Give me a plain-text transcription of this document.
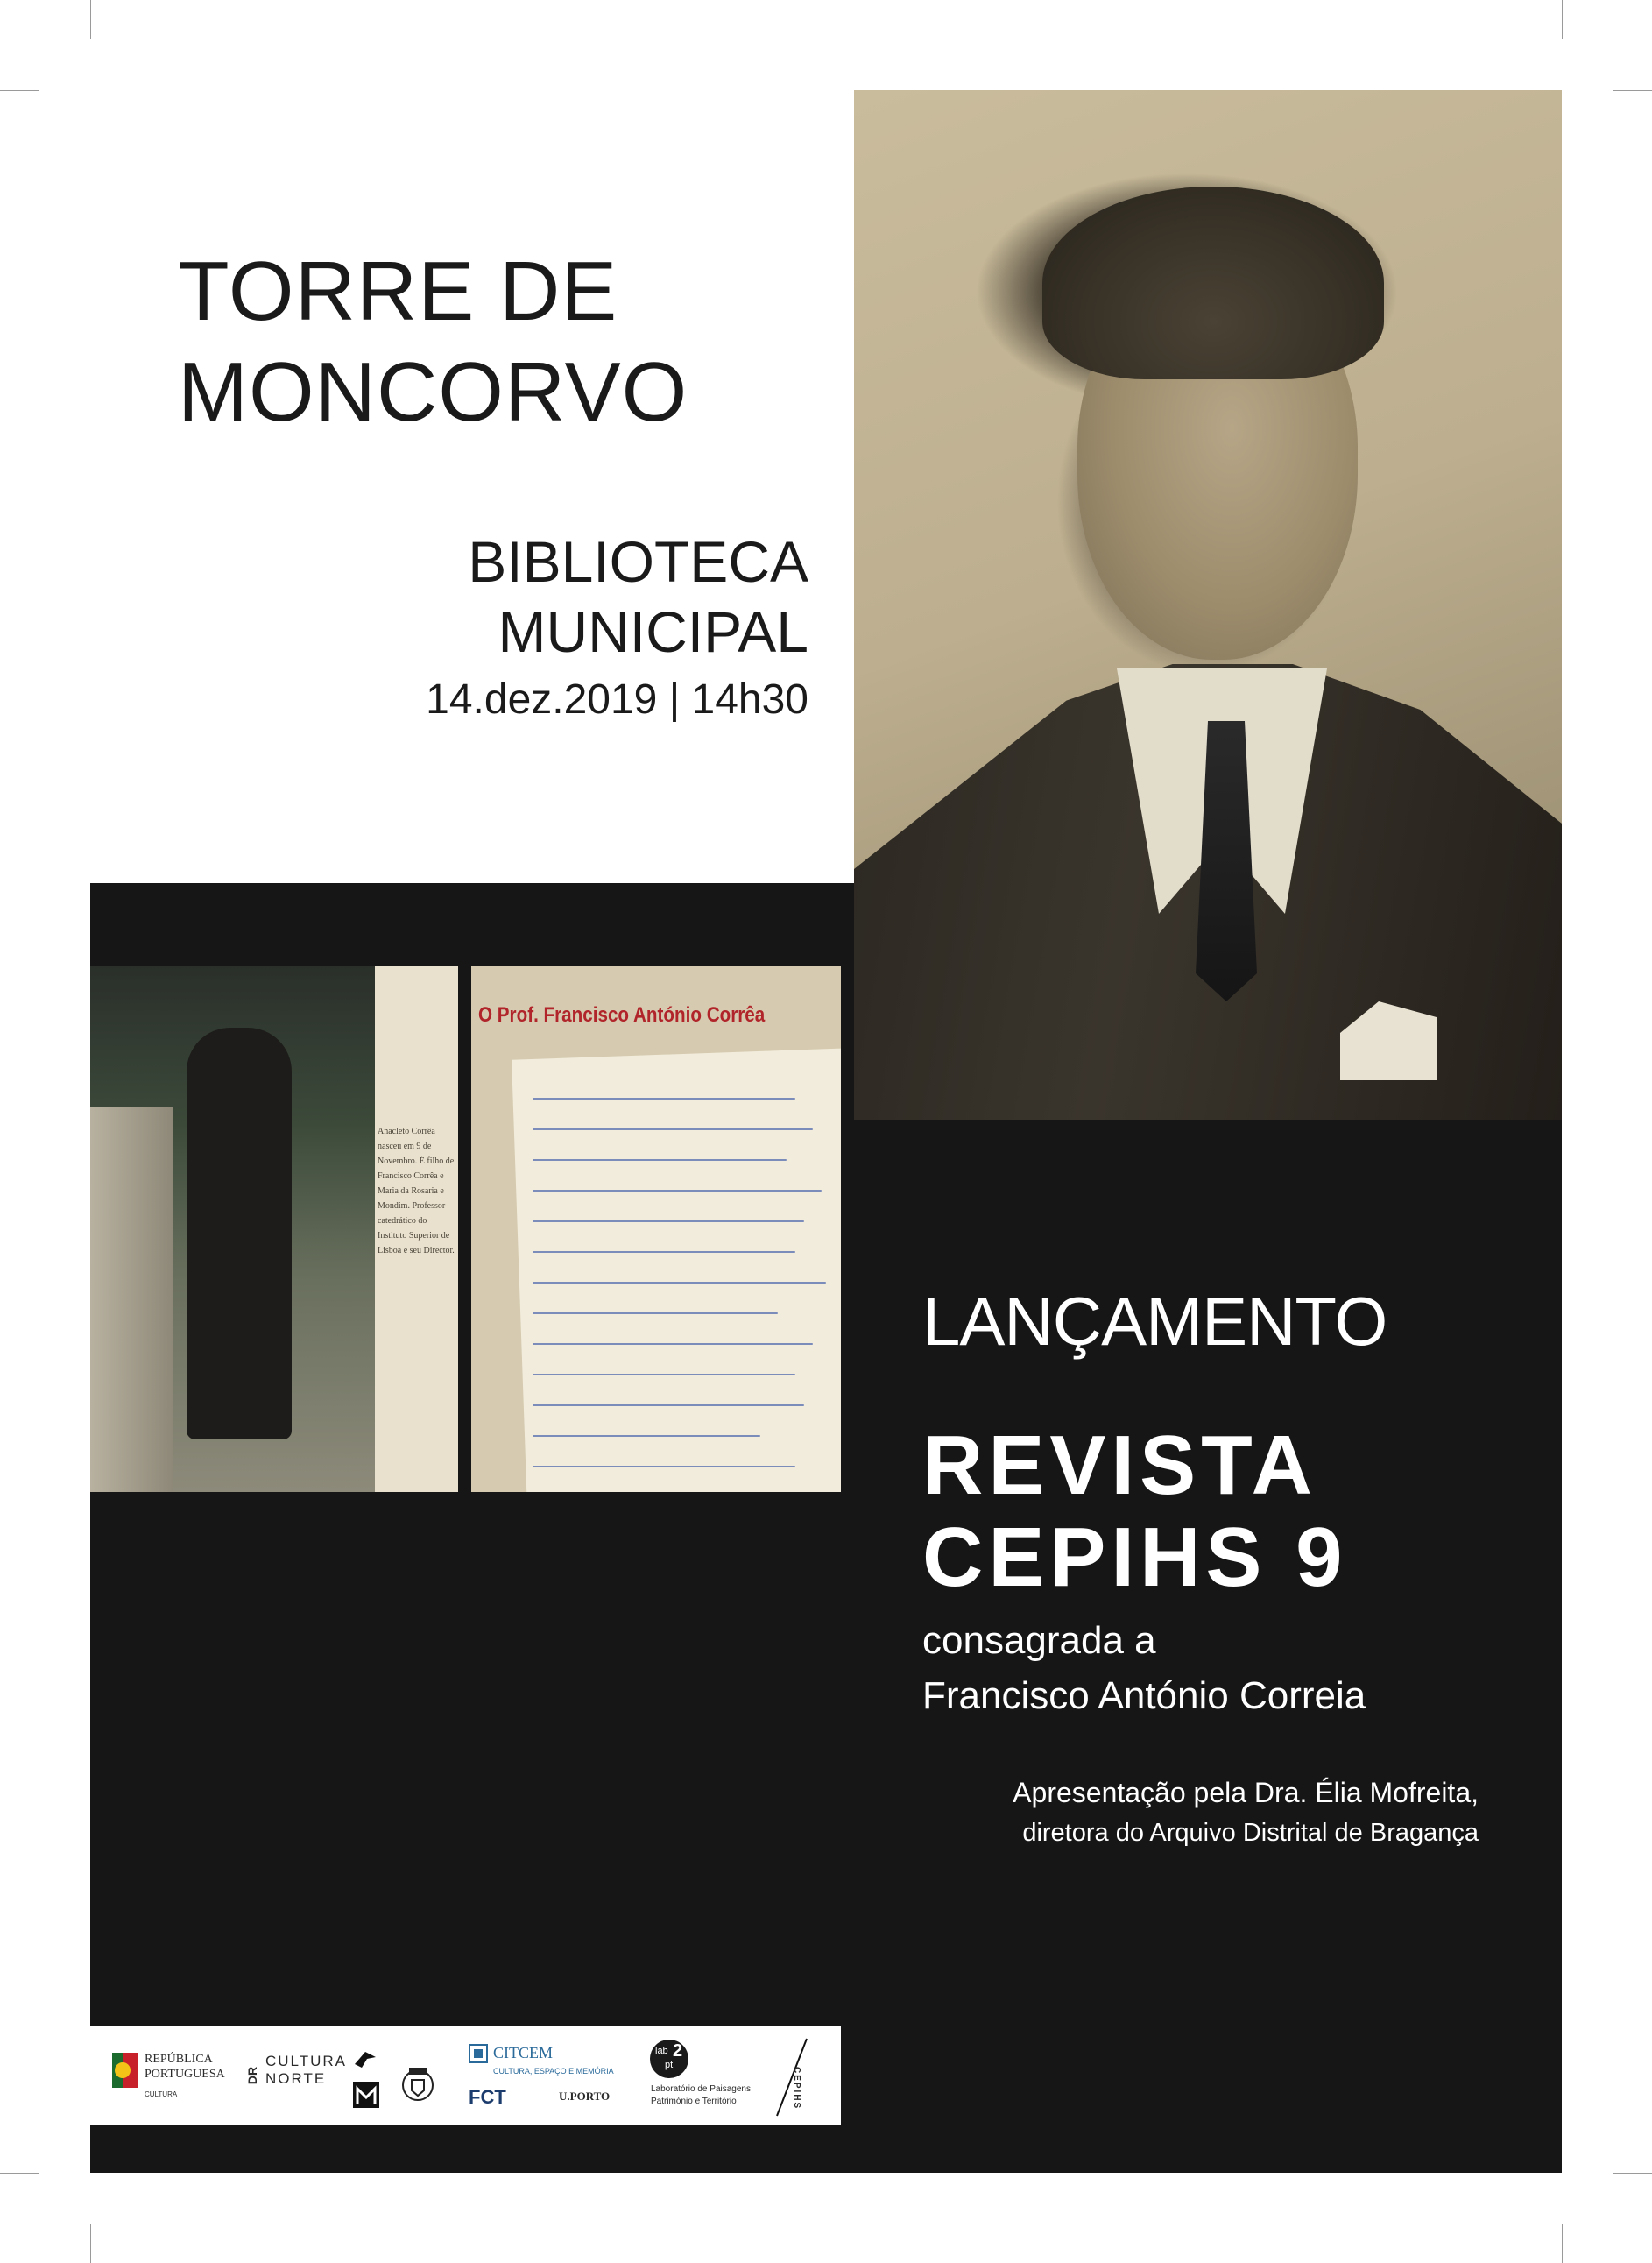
TORRE DE
MONCORVO
BIBLIOTECA
MUNICIPAL
14.dez.2019 | 14h30
Anacleto Corrêa nasceu em 9 de Novembro. É filho de Francisco Corrêa e Maria da Rosaria e Mondim. Professor catedrático do Instituto Superior de Lisboa e seu Director.
O Prof. Francisco António Corrêa
LANÇAMENTO
REVISTA
CEPIHS 9
consagrada a
Francisco António Correia
Apresentação pela Dra. Élia Mofreita,
diretora do Arquivo Distrital de Bragança
REPÚBLICA
PORTUGUESA
CULTURA
DR
CULTURA
NORTE
CITCEM
CULTURA, ESPAÇO E MEMÓRIA
FCT	U.PORTO
lab 2
pt
Laboratório de Paisagens
Património e Território	CEPIHS
